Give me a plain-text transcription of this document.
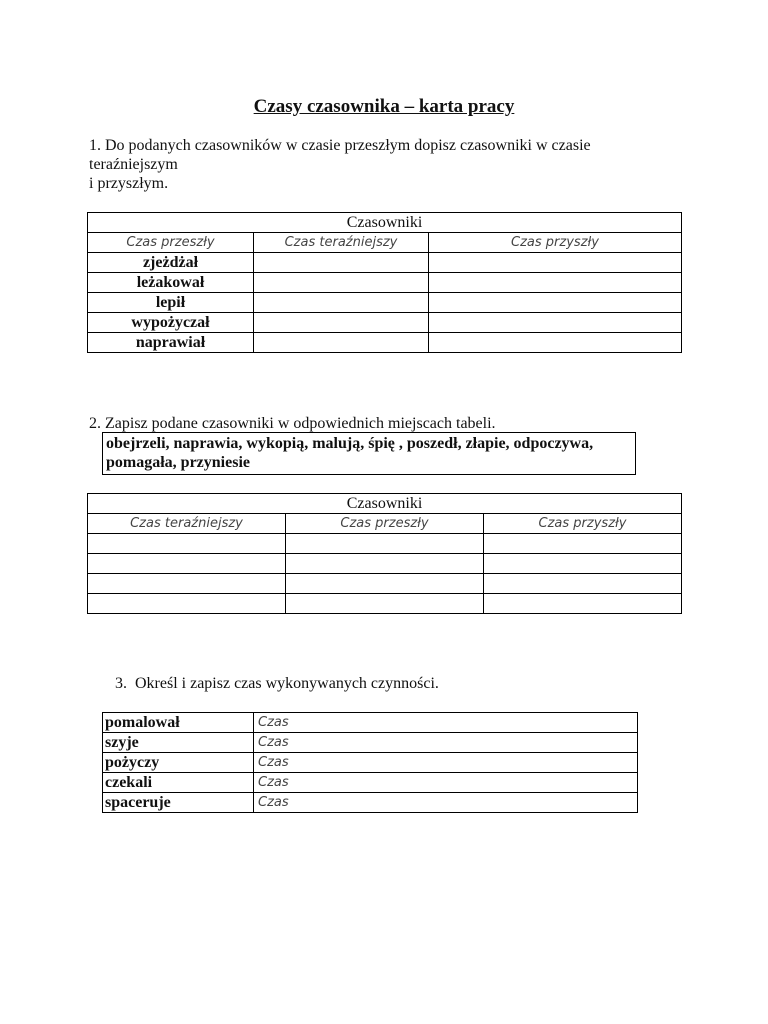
Czasy czasownika – karta pracy
1. Do podanych czasowników w czasie przeszłym dopisz czasowniki w czasie
teraźniejszym
i przyszłym.
Czasowniki		
Czas przeszły	Czas teraźniejszy	Czas przyszły
zjeżdżał		
leżakował		
lepił		
wypożyczał		
naprawiał		
2. Zapisz podane czasowniki w odpowiednich miejscach tabeli.
obejrzeli, naprawia, wykopią, malują, śpię , poszedł, złapie, odpoczywa,
pomagała, przyniesie
Czasowniki		
Czas teraźniejszy	Czas przeszły	Czas przyszły

3. Określ i zapisz czas wykonywanych czynności.
pomalował	Czas
szyje	Czas
pożyczy	Czas
czekali	Czas
spaceruje	Czas
